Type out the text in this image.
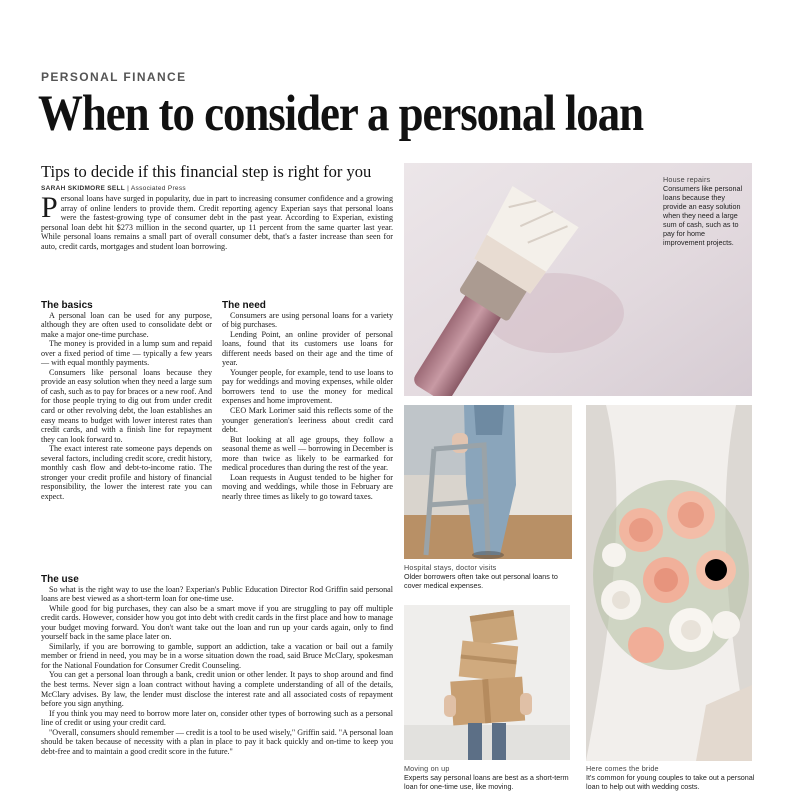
PERSONAL FINANCE
When to consider a personal loan
Tips to decide if this financial step is right for you
SARAH SKIDMORE SELL | Associated Press

Personal loans have surged in popularity, due in part to increasing consumer confidence and a growing array of online lenders to provide them. Credit reporting agency Experian says that personal loans were the fastest-growing type of consumer debt in the past year. According to Experian, existing personal loan debt hit $273 million in the second quarter, up 11 percent from the same quarter last year. While personal loans remains a small part of overall consumer debt, that's a faster increase than seen for auto, credit cards, mortgages and student loan borrowing.

The basics

A personal loan can be used for any purpose, although they are often used to consolidate debt or make a major one-time purchase.

The money is provided in a lump sum and repaid over a fixed period of time — typically a few years — with equal monthly payments.

Consumers like personal loans because they provide an easy solution when they need a large sum of cash, such as to pay for braces or a new roof. And for those people trying to dig out from under credit card or other revolving debt, the loan establishes an easy means to budget with lower interest rates than credit cards, and with a finish line for repayment they can look forward to.

The exact interest rate someone pays depends on several factors, including credit score, credit history, monthly cash flow and debt-to-income ratio. The stronger your credit profile and history of financial responsibility, the lower the interest rate you can expect.

The need

Consumers are using personal loans for a variety of big purchases.

Lending Point, an online provider of personal loans, found that its customers use loans for different needs based on their age and the time of year.

Younger people, for example, tend to use loans to pay for weddings and moving expenses, while older borrowers tend to use the money for medical expenses and home improvement.

CEO Mark Lorimer said this reflects some of the younger generation's leeriness about credit card debt.

But looking at all age groups, they follow a seasonal theme as well — borrowing in December is more than twice as likely to be earmarked for medical procedures than during the rest of the year.

Loan requests in August tended to be higher for moving and weddings, while those in February are nearly three times as likely to go toward taxes.

The use

So what is the right way to use the loan? Experian's Public Education Director Rod Griffin said personal loans are best viewed as a short-term loan for one-time use.

While good for big purchases, they can also be a smart move if you are struggling to pay off multiple credit cards. However, consider how you got into debt with credit cards in the first place and how to manage your budget moving forward. You don't want take out the loan and run up your cards again, only to find yourself back in the same place later on.

Similarly, if you are borrowing to gamble, support an addiction, take a vacation or bail out a family member or friend in need, you may be in a worse situation down the road, said Bruce McClary, spokesman for the National Foundation for Consumer Credit Counseling.

You can get a personal loan through a bank, credit union or other lender. It pays to shop around and find the best terms. Never sign a loan contract without having a complete understanding of all of the details, McClary advises. By law, the lender must disclose the interest rate and all associated costs of repayment before you sign anything.

If you think you may need to borrow more later on, consider other types of borrowing such as a personal line of credit or using your credit card.

"Overall, consumers should remember — credit is a tool to be used wisely," Griffin said. "A personal loan should be taken because of necessity with a plan in place to pay it back quickly and on-time to keep you debt-free and to maintain a good credit score in the future."

House repairs
Consumers like personal loans because they provide an easy solution when they need a large sum of cash, such as to pay for home improvement projects.
Hospital stays, doctor visits
Older borrowers often take out personal loans to cover medical expenses.
Moving on up
Experts say personal loans are best as a short-term loan for one-time use, like moving.
Here comes the bride
It's common for young couples to take out a personal loan to help out with wedding costs.
